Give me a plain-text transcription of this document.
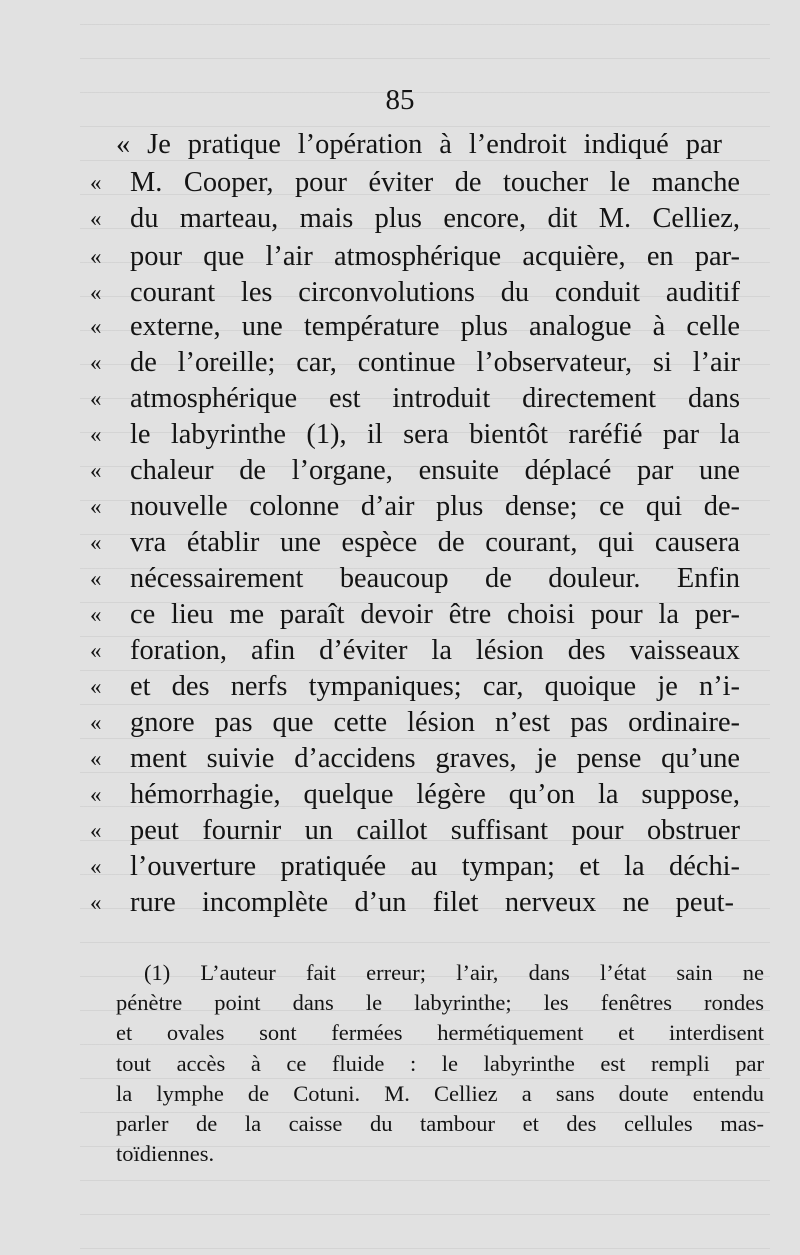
85
« Je pratique l’opération à l’endroit indiqué par
« M. Cooper, pour éviter de toucher le manche
« du marteau, mais plus encore, dit M. Celliez,
« pour que l’air atmosphérique acquière, en par-
« courant les circonvolutions du conduit auditif
« externe, une température plus analogue à celle
« de l’oreille; car, continue l’observateur, si l’air
« atmosphérique est introduit directement dans
« le labyrinthe (1), il sera bientôt raréfié par la
« chaleur de l’organe, ensuite déplacé par une
« nouvelle colonne d’air plus dense; ce qui de-
« vra établir une espèce de courant, qui causera
« nécessairement beaucoup de douleur. Enfin
« ce lieu me paraît devoir être choisi pour la per-
« foration, afin d’éviter la lésion des vaisseaux
« et des nerfs tympaniques; car, quoique je n’i-
« gnore pas que cette lésion n’est pas ordinaire-
« ment suivie d’accidens graves, je pense qu’une
« hémorrhagie, quelque légère qu’on la suppose,
« peut fournir un caillot suffisant pour obstruer
« l’ouverture pratiquée au tympan; et la déchi-
« rure incomplète d’un filet nerveux ne peut-
(1) L’auteur fait erreur; l’air, dans l’état sain ne
pénètre point dans le labyrinthe; les fenêtres rondes
et ovales sont fermées hermétiquement et interdisent
tout accès à ce fluide : le labyrinthe est rempli par
la lymphe de Cotuni. M. Celliez a sans doute entendu
parler de la caisse du tambour et des cellules mas-
toïdiennes.
